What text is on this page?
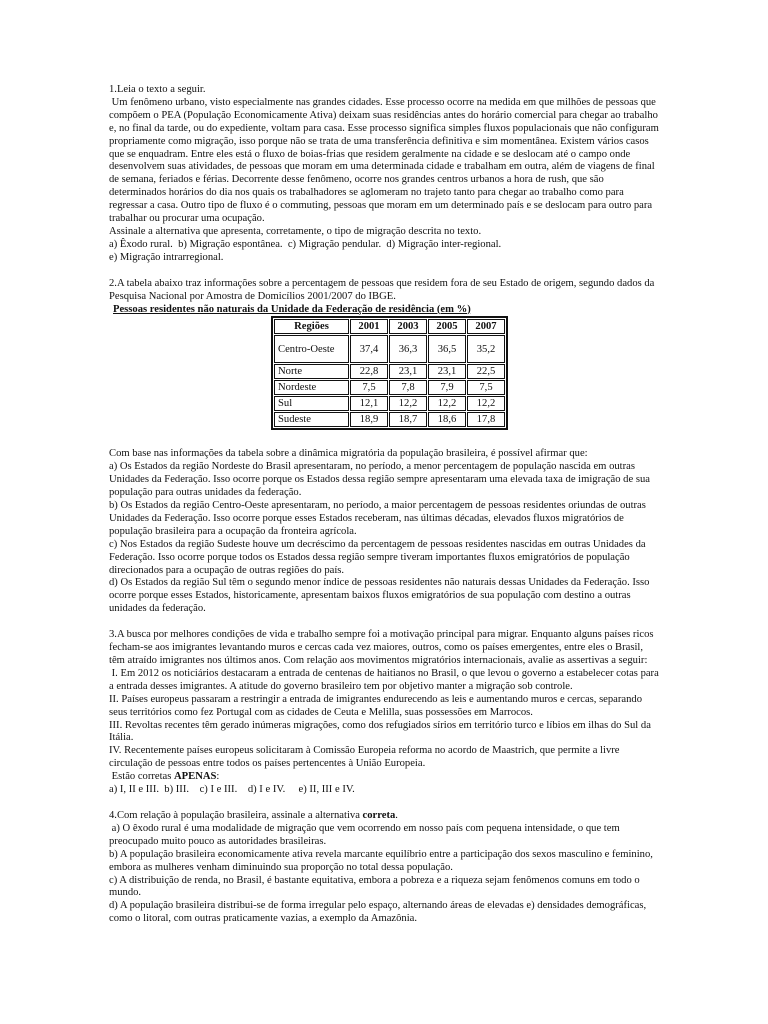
1.Leia o texto a seguir.

Um fenômeno urbano, visto especialmente nas grandes cidades. Esse processo ocorre na medida em que milhões de pessoas que compõem o PEA (População Economicamente Ativa) deixam suas residências antes do horário comercial para chegar ao trabalho e, no final da tarde, ou do expediente, voltam para casa. Esse processo significa simples fluxos populacionais que não configuram propriamente como migração, isso porque não se trata de uma transferência definitiva e sim momentânea. Existem vários casos que se enquadram. Entre eles está o fluxo de boias-frias que residem geralmente na cidade e se deslocam até o campo onde desenvolvem suas atividades, de pessoas que moram em uma determinada cidade e trabalham em outra, além de viagens de final de semana, feriados e férias. Decorrente desse fenômeno, ocorre nos grandes centros urbanos a hora de rush, que são determinados horários do dia nos quais os trabalhadores se aglomeram no trajeto tanto para chegar ao trabalho como para regressar a casa. Outro tipo de fluxo é o commuting, pessoas que moram em um determinado país e se deslocam para outro para trabalhar ou procurar uma ocupação.

Assinale a alternativa que apresenta, corretamente, o tipo de migração descrita no texto.

a) Êxodo rural.  b) Migração espontânea.  c) Migração pendular.  d) Migração inter-regional.

e) Migração intrarregional.

2.A tabela abaixo traz informações sobre a percentagem de pessoas que residem fora de seu Estado de origem, segundo dados da Pesquisa Nacional por Amostra de Domicílios 2001/2007 do IBGE.

Pessoas residentes não naturais da Unidade da Federação de residência (em %)

Regiões	2001	2003	2005	2007
Centro-Oeste	37,4	36,3	36,5	35,2
Norte	22,8	23,1	23,1	22,5
Nordeste	7,5	7,8	7,9	7,5
Sul	12,1	12,2	12,2	12,2
Sudeste	18,9	18,7	18,6	17,8

Com base nas informações da tabela sobre a dinâmica migratória da população brasileira, é possível afirmar que:

a) Os Estados da região Nordeste do Brasil apresentaram, no período, a menor percentagem de população nascida em outras Unidades da Federação. Isso ocorre porque os Estados dessa região sempre apresentaram uma elevada taxa de imigração de sua população para outras unidades da federação.

b) Os Estados da região Centro-Oeste apresentaram, no período, a maior percentagem de pessoas residentes oriundas de outras Unidades da Federação. Isso ocorre porque esses Estados receberam, nas últimas décadas, elevados fluxos migratórios de população brasileira para a ocupação da fronteira agrícola.

c) Nos Estados da região Sudeste houve um decréscimo da percentagem de pessoas residentes nascidas em outras Unidades da Federação. Isso ocorre porque todos os Estados dessa região sempre tiveram importantes fluxos emigratórios de população direcionados para a ocupação de outras regiões do país.

d) Os Estados da região Sul têm o segundo menor índice de pessoas residentes não naturais dessas Unidades da Federação. Isso ocorre porque esses Estados, historicamente, apresentam baixos fluxos emigratórios de sua população com destino a outras unidades da federação.

3.A busca por melhores condições de vida e trabalho sempre foi a motivação principal para migrar. Enquanto alguns países ricos fecham-se aos imigrantes levantando muros e cercas cada vez maiores, outros, como os países emergentes, entre eles o Brasil, têm atraído imigrantes nos últimos anos. Com relação aos movimentos migratórios internacionais, avalie as assertivas a seguir:

I. Em 2012 os noticiários destacaram a entrada de centenas de haitianos no Brasil, o que levou o governo a estabelecer cotas para a entrada desses imigrantes. A atitude do governo brasileiro tem por objetivo manter a migração sob controle.

II. Países europeus passaram a restringir a entrada de imigrantes endurecendo as leis e aumentando muros e cercas, separando seus territórios como fez Portugal com as cidades de Ceuta e Melilla, suas possessões em Marrocos.

III. Revoltas recentes têm gerado inúmeras migrações, como dos refugiados sírios em território turco e líbios em ilhas do Sul da Itália.

IV. Recentemente países europeus solicitaram à Comissão Europeia reforma no acordo de Maastrich, que permite a livre circulação de pessoas entre todos os países pertencentes à União Europeia.

Estão corretas APENAS:

a) I, II e III.  b) III.    c) I e III.    d) I e IV.     e) II, III e IV.

4.Com relação à população brasileira, assinale a alternativa correta.

a) O êxodo rural é uma modalidade de migração que vem ocorrendo em nosso país com pequena intensidade, o que tem preocupado muito pouco as autoridades brasileiras.

b) A população brasileira economicamente ativa revela marcante equilíbrio entre a participação dos sexos masculino e feminino, embora as mulheres venham diminuindo sua proporção no total dessa população.

c) A distribuição de renda, no Brasil, é bastante equitativa, embora a pobreza e a riqueza sejam fenômenos comuns em todo o mundo.

d) A população brasileira distribui-se de forma irregular pelo espaço, alternando áreas de elevadas e) densidades demográficas, como o litoral, com outras praticamente vazias, a exemplo da Amazônia.
